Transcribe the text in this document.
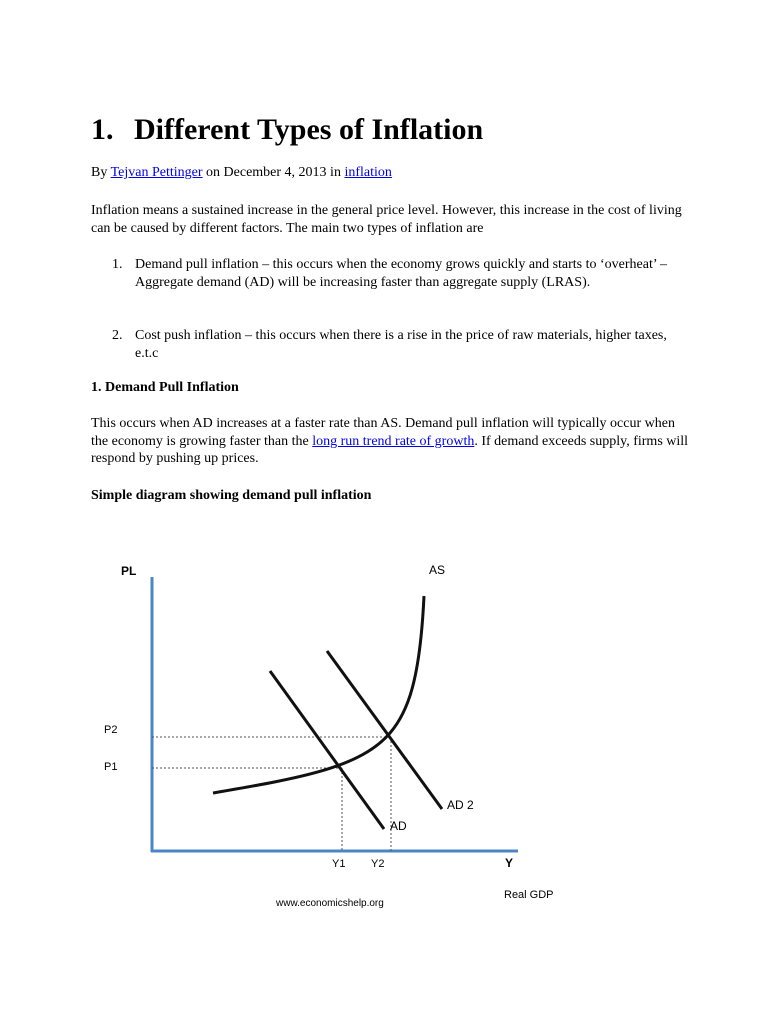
1. Different Types of Inflation

By Tejvan Pettinger on December 4, 2013 in inflation

Inflation means a sustained increase in the general price level. However, this increase in the cost of living can be caused by different factors. The main two types of inflation are

1. Demand pull inflation – this occurs when the economy grows quickly and starts to ‘overheat’ – Aggregate demand (AD) will be increasing faster than aggregate supply (LRAS).
2. Cost push inflation – this occurs when there is a rise in the price of raw materials, higher taxes, e.t.c

1. Demand Pull Inflation

This occurs when AD increases at a faster rate than AS. Demand pull inflation will typically occur when the economy is growing faster than the long run trend rate of growth. If demand exceeds supply, firms will respond by pushing up prices.

Simple diagram showing demand pull inflation

PL	AS
P2
P1
AD
AD 2
Y1 Y2	Y
Real GDP
www.economicshelp.org
